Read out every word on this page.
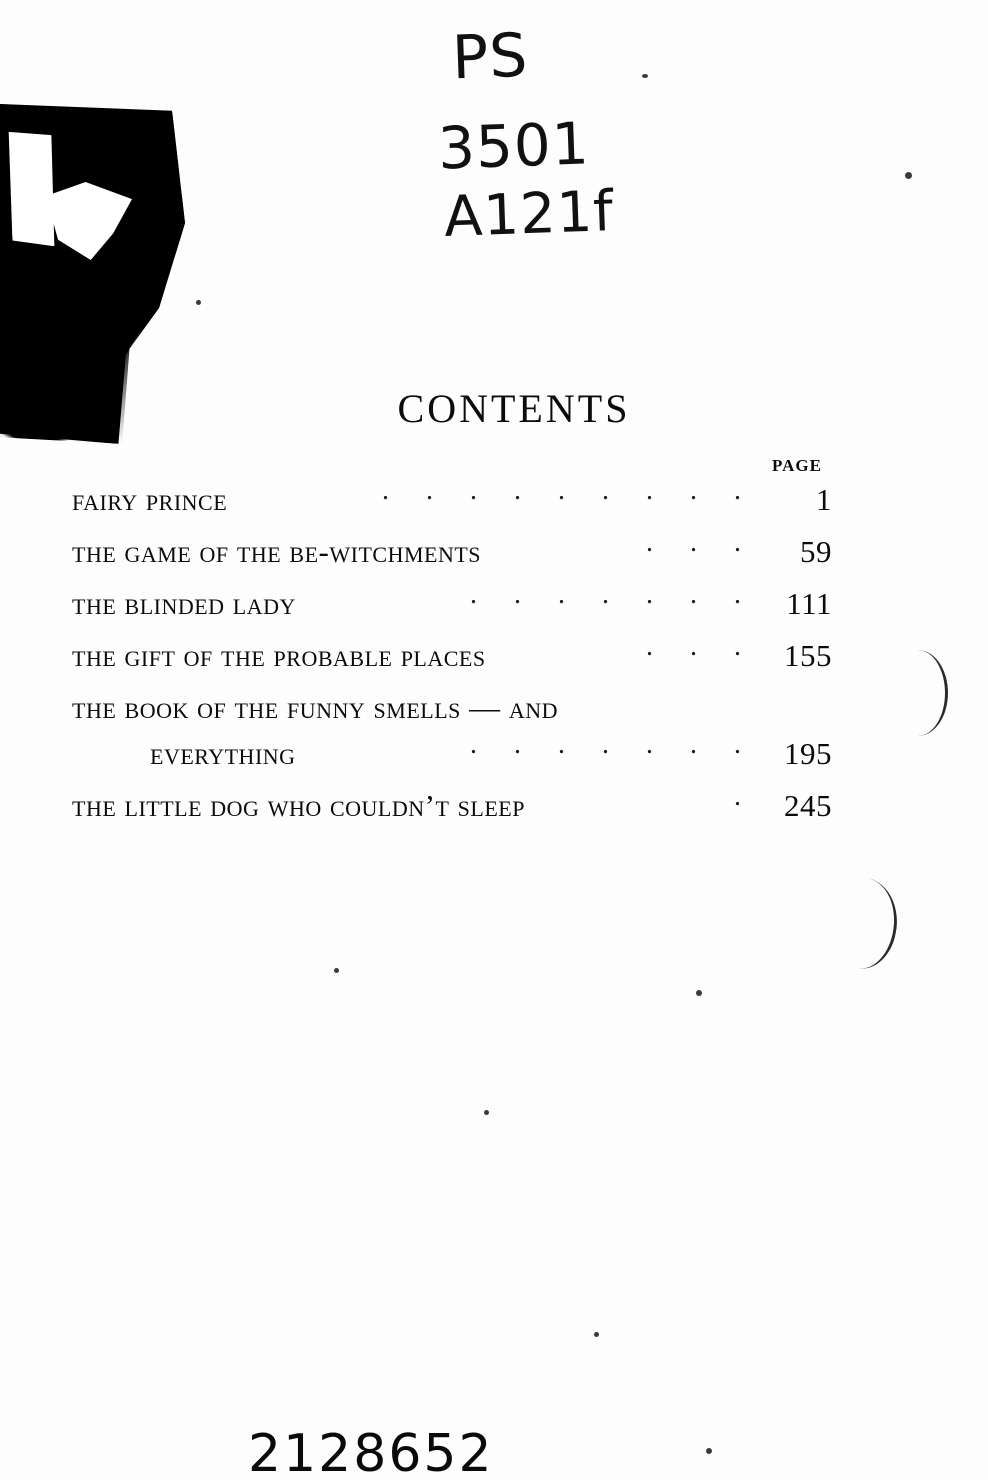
PS
3501
A121f
CONTENTS
PAGE
fairy prince	. . . . . . . . .	1
the game of the be-witchments	. . .	59
the blinded lady	. . . . . . . 111
the gift of the probable places	. . . 155
the book of the funny smells — and
everything	. . . . . . . 195
the little dog who couldn’t sleep	. 245
2128652
